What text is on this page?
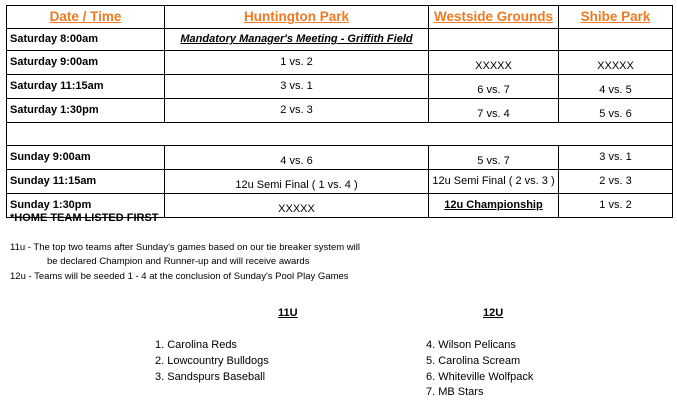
Date / Time	Huntington Park	Westside Grounds	Shibe Park
Saturday 8:00am	Mandatory Manager's Meeting - Griffith Field		
Saturday 9:00am	1 vs. 2	XXXXX	XXXXX
Saturday 11:15am	3 vs. 1	6 vs. 7	4 vs. 5
Saturday 1:30pm	2 vs. 3	7 vs. 4	5 vs. 6

Sunday 9:00am	4 vs. 6	5 vs. 7	3 vs. 1
Sunday 11:15am	12u Semi Final ( 1 vs. 4 )	12u Semi Final ( 2 vs. 3 )	2 vs. 3
Sunday 1:30pm	XXXXX	12u Championship	1 vs. 2
*HOME TEAM LISTED FIRST
11u - The top two teams after Sunday's games based on our tie breaker system will
be declared Champion and Runner-up and will receive awards
12u - Teams will be seeded 1 - 4 at the conclusion of Sunday's Pool Play Games
11U	12U
1. Carolina Reds
2. Lowcountry Bulldogs
3. Sandspurs Baseball
4. Wilson Pelicans
5. Carolina Scream
6. Whiteville Wolfpack
7. MB Stars
